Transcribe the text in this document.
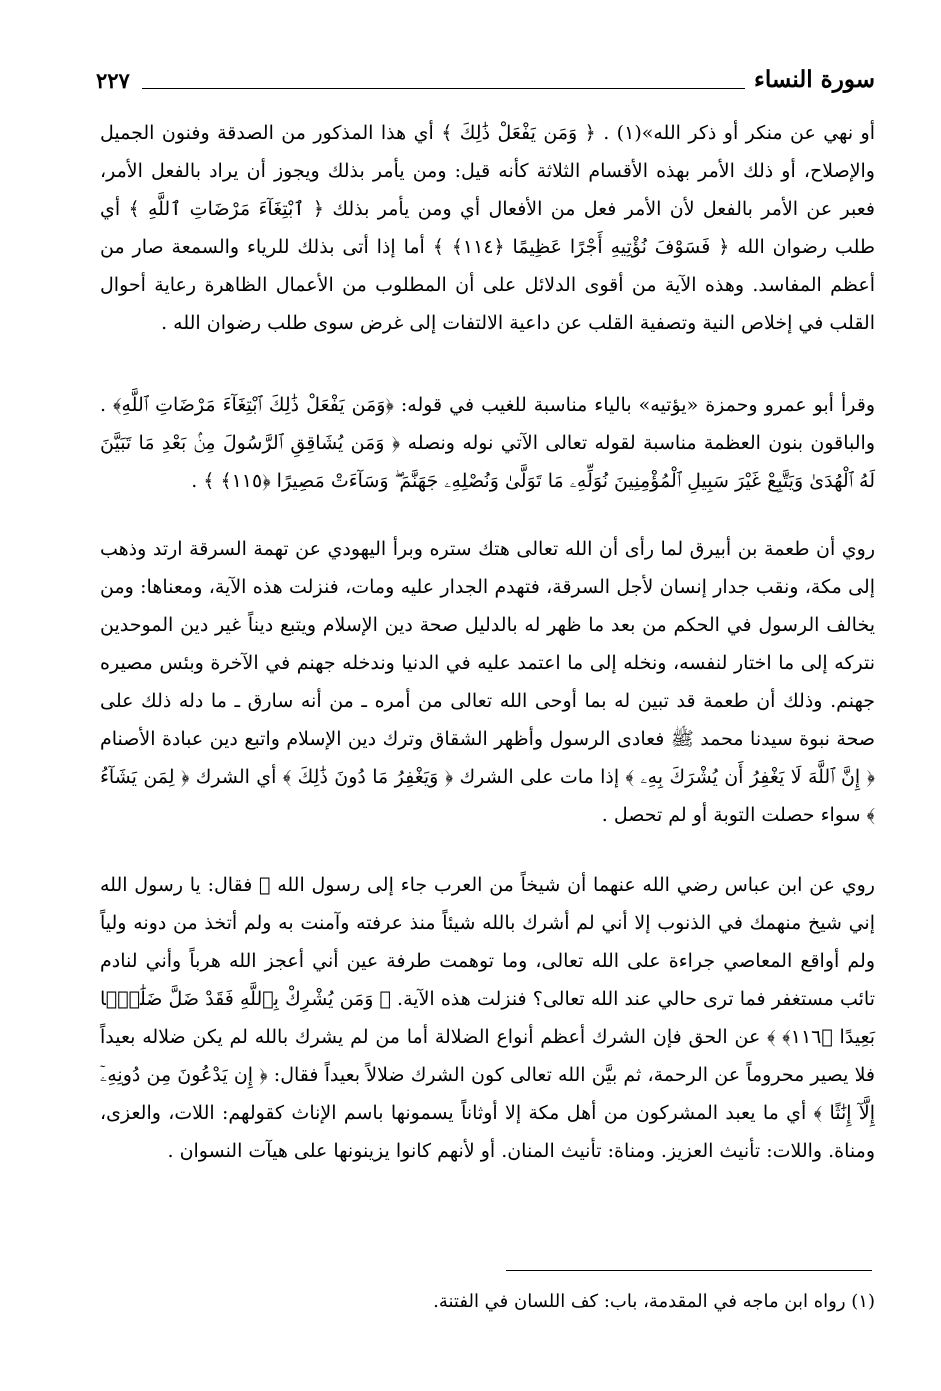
سورة النساء
٢٢٧
أو نهي عن منكر أو ذكر الله»(١) . ﴿ وَمَن يَفْعَلْ ذَٰلِكَ ﴾ أي هذا المذكور من الصدقة وفنون الجميل والإصلاح، أو ذلك الأمر بهذه الأقسام الثلاثة كأنه قيل: ومن يأمر بذلك ويجوز أن يراد بالفعل الأمر، فعبر عن الأمر بالفعل لأن الأمر فعل من الأفعال أي ومن يأمر بذلك ﴿ ٱبْتِغَآءَ مَرْضَاتِ ٱللَّهِ ﴾ أي طلب رضوان الله ﴿ فَسَوْفَ نُؤْتِيهِ أَجْرًا عَظِيمًا ﴿١١٤﴾ ﴾ أما إذا أتى بذلك للرياء والسمعة صار من أعظم المفاسد. وهذه الآية من أقوى الدلائل على أن المطلوب من الأعمال الظاهرة رعاية أحوال القلب في إخلاص النية وتصفية القلب عن داعية الالتفات إلى غرض سوى طلب رضوان الله .
وقرأ أبو عمرو وحمزة «يؤتيه» بالياء مناسبة للغيب في قوله: ﴿وَمَن يَفْعَلْ ذَٰلِكَ ٱبْتِغَآءَ مَرْضَاتِ ٱللَّهِ﴾ . والباقون بنون العظمة مناسبة لقوله تعالى الآتي نوله ونصله ﴿ وَمَن يُشَاقِقِ ٱلرَّسُولَ مِنۢ بَعْدِ مَا تَبَيَّنَ لَهُ ٱلْهُدَىٰ وَيَتَّبِعْ غَيْرَ سَبِيلِ ٱلْمُؤْمِنِينَ نُوَلِّهِۦ مَا تَوَلَّىٰ وَنُصْلِهِۦ جَهَنَّمَ ۖ وَسَآءَتْ مَصِيرًا ﴿١١٥﴾ ﴾ .
روي أن طعمة بن أبيرق لما رأى أن الله تعالى هتك ستره وبرأ اليهودي عن تهمة السرقة ارتد وذهب إلى مكة، ونقب جدار إنسان لأجل السرقة، فتهدم الجدار عليه ومات، فنزلت هذه الآية، ومعناها: ومن يخالف الرسول في الحكم من بعد ما ظهر له بالدليل صحة دين الإسلام ويتبع ديناً غير دين الموحدين نتركه إلى ما اختار لنفسه، ونخله إلى ما اعتمد عليه في الدنيا وندخله جهنم في الآخرة وبئس مصيره جهنم. وذلك أن طعمة قد تبين له بما أوحى الله تعالى من أمره ـ من أنه سارق ـ ما دله ذلك على صحة نبوة سيدنا محمد ﷺ فعادى الرسول وأظهر الشقاق وترك دين الإسلام واتبع دين عبادة الأصنام ﴿ إِنَّ ٱللَّهَ لَا يَغْفِرُ أَن يُشْرَكَ بِهِۦ ﴾ إذا مات على الشرك ﴿ وَيَغْفِرُ مَا دُونَ ذَٰلِكَ ﴾ أي الشرك ﴿ لِمَن يَشَآءُ ﴾ سواء حصلت التوبة أو لم تحصل .
روي عن ابن عباس رضي الله عنهما أن شيخاً من العرب جاء إلى رسول الله ﷺ فقال: يا رسول الله إني شيخ منهمك في الذنوب إلا أني لم أشرك بالله شيئاً منذ عرفته وآمنت به ولم أتخذ من دونه ولياً ولم أواقع المعاصي جراءة على الله تعالى، وما توهمت طرفة عين أني أعجز الله هرباً وأني لنادم تائب مستغفر فما ترى حالي عند الله تعالى؟ فنزلت هذه الآية. ﴿ وَمَن يُشْرِكْ بِٱللَّهِ فَقَدْ ضَلَّ ضَلَٰلًۢا بَعِيدًا ﴿١١٦﴾ ﴾ عن الحق فإن الشرك أعظم أنواع الضلالة أما من لم يشرك بالله لم يكن ضلاله بعيداً فلا يصير محروماً عن الرحمة، ثم بيَّن الله تعالى كون الشرك ضلالاً بعيداً فقال: ﴿ إِن يَدْعُونَ مِن دُونِهِۦٓ إِلَّآ إِنَٰثًا ﴾ أي ما يعبد المشركون من أهل مكة إلا أوثاناً يسمونها باسم الإناث كقولهم: اللات، والعزى، ومناة. واللات: تأنيث العزيز. ومناة: تأنيث المنان. أو لأنهم كانوا يزينونها على هيآت النسوان .
(١) رواه ابن ماجه في المقدمة، باب: كف اللسان في الفتنة.
